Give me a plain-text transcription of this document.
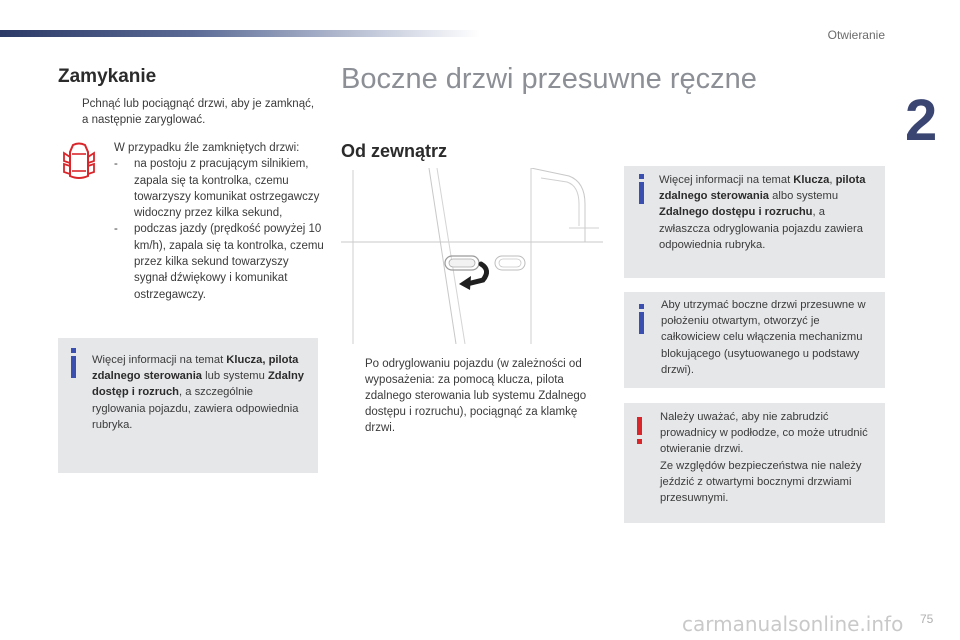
Otwieranie
2
Zamykanie
Pchnąć lub pociągnąć drzwi, aby je zamknąć, a następnie zaryglować.
W przypadku źle zamkniętych drzwi:
- na postoju z pracującym silnikiem, zapala się ta kontrolka, czemu towarzyszy komunikat ostrzegawczy widoczny przez kilka sekund,
- podczas jazdy (prędkość powyżej 10 km/h), zapala się ta kontrolka, czemu przez kilka sekund towarzyszy sygnał dźwiękowy i komunikat ostrzegawczy.
Więcej informacji na temat Klucza, pilota zdalnego sterowania lub systemu Zdalny dostęp i rozruch, a szczególnie ryglowania pojazdu, zawiera odpowiednia rubryka.
Boczne drzwi przesuwne ręczne
Od zewnątrz
Po odryglowaniu pojazdu (w zależności od wyposażenia: za pomocą klucza, pilota zdalnego sterowania lub systemu Zdalnego dostępu i rozruchu), pociągnąć za klamkę drzwi.
Więcej informacji na temat Klucza, pilota zdalnego sterowania albo systemu Zdalnego dostępu i rozruchu, a zwłaszcza odryglowania pojazdu zawiera odpowiednia rubryka.
Aby utrzymać boczne drzwi przesuwne w położeniu otwartym, otworzyć je całkowiciew celu włączenia mechanizmu blokującego (usytuowanego u podstawy drzwi).
Należy uważać, aby nie zabrudzić prowadnicy w podłodze, co może utrudnić otwieranie drzwi.
Ze względów bezpieczeństwa nie należy jeździć z otwartymi bocznymi drzwiami przesuwnymi.
75
carmanualsonline.info
